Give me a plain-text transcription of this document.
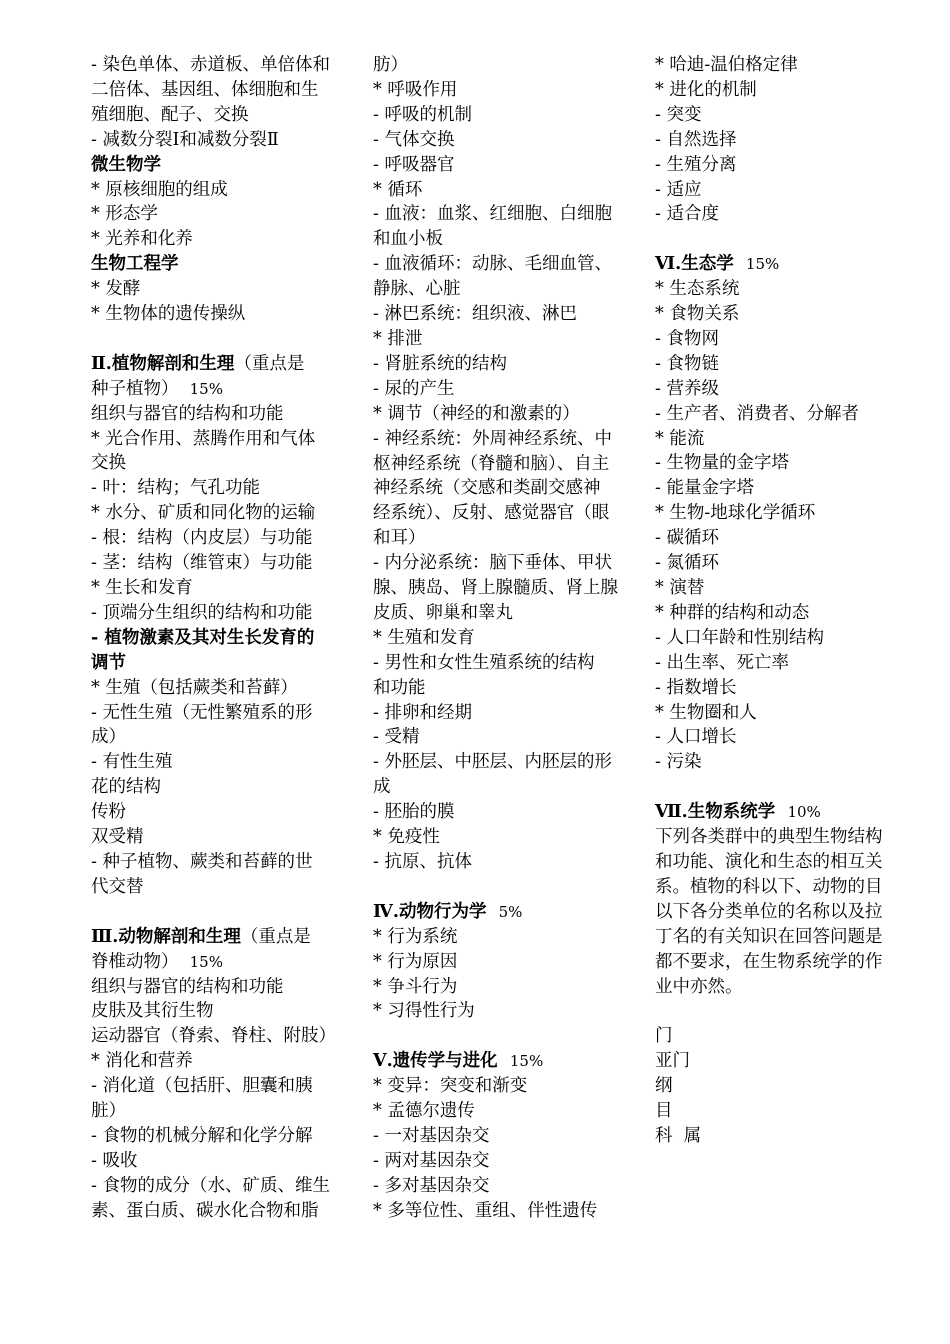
- 染色单体、赤道板、单倍体和
二倍体、基因组、体细胞和生
殖细胞、配子、交换
- 减数分裂Ⅰ和减数分裂Ⅱ
微生物学
* 原核细胞的组成
* 形态学
* 光养和化养
生物工程学
* 发酵
* 生物体的遗传操纵
Ⅱ.植物解剖和生理（重点是
种子植物） 15%
组织与器官的结构和功能
* 光合作用、蒸腾作用和气体
交换
- 叶：结构；气孔功能
* 水分、矿质和同化物的运输
- 根：结构（内皮层）与功能
- 茎：结构（维管束）与功能
* 生长和发育
- 顶端分生组织的结构和功能
- 植物激素及其对生长发育的
调节
* 生殖（包括蕨类和苔藓）
- 无性生殖（无性繁殖系的形
成）
- 有性生殖
花的结构
传粉
双受精
- 种子植物、蕨类和苔藓的世
代交替
Ⅲ.动物解剖和生理（重点是
脊椎动物） 15%
组织与器官的结构和功能
皮肤及其衍生物
运动器官（脊索、脊柱、附肢）
* 消化和营养
- 消化道（包括肝、胆囊和胰
脏）
- 食物的机械分解和化学分解
- 吸收
- 食物的成分（水、矿质、维生
素、蛋白质、碳水化合物和脂
肪）
* 呼吸作用
- 呼吸的机制
- 气体交换
- 呼吸器官
* 循环
- 血液：血浆、红细胞、白细胞
和血小板
- 血液循环：动脉、毛细血管、
静脉、心脏
- 淋巴系统：组织液、淋巴
* 排泄
- 肾脏系统的结构
- 尿的产生
* 调节（神经的和激素的）
- 神经系统：外周神经系统、中
枢神经系统（脊髓和脑）、自主
神经系统（交感和类副交感神
经系统）、反射、感觉器官（眼
和耳）
- 内分泌系统：脑下垂体、甲状
腺、胰岛、肾上腺髓质、肾上腺
皮质、卵巢和睾丸
* 生殖和发育
- 男性和女性生殖系统的结构
和功能
- 排卵和经期
- 受精
- 外胚层、中胚层、内胚层的形
成
- 胚胎的膜
* 免疫性
- 抗原、抗体
Ⅳ.动物行为学 5%
* 行为系统
* 行为原因
* 争斗行为
* 习得性行为
Ⅴ.遗传学与进化 15%
* 变异：突变和渐变
* 孟德尔遗传
- 一对基因杂交
- 两对基因杂交
- 多对基因杂交
* 多等位性、重组、伴性遗传
* 哈迪-温伯格定律
* 进化的机制
- 突变
- 自然选择
- 生殖分离
- 适应
- 适合度
Ⅵ.生态学 15%
* 生态系统
* 食物关系
- 食物网
- 食物链
- 营养级
- 生产者、消费者、分解者
* 能流
- 生物量的金字塔
- 能量金字塔
* 生物-地球化学循环
- 碳循环
- 氮循环
* 演替
* 种群的结构和动态
- 人口年龄和性别结构
- 出生率、死亡率
- 指数增长
* 生物圈和人
- 人口增长
- 污染
Ⅶ.生物系统学 10%
下列各类群中的典型生物结构
和功能、演化和生态的相互关
系。植物的科以下、动物的目
以下各分类单位的名称以及拉
丁名的有关知识在回答问题是
都不要求，在生物系统学的作
业中亦然。
门
亚门
纲
目
科  属
